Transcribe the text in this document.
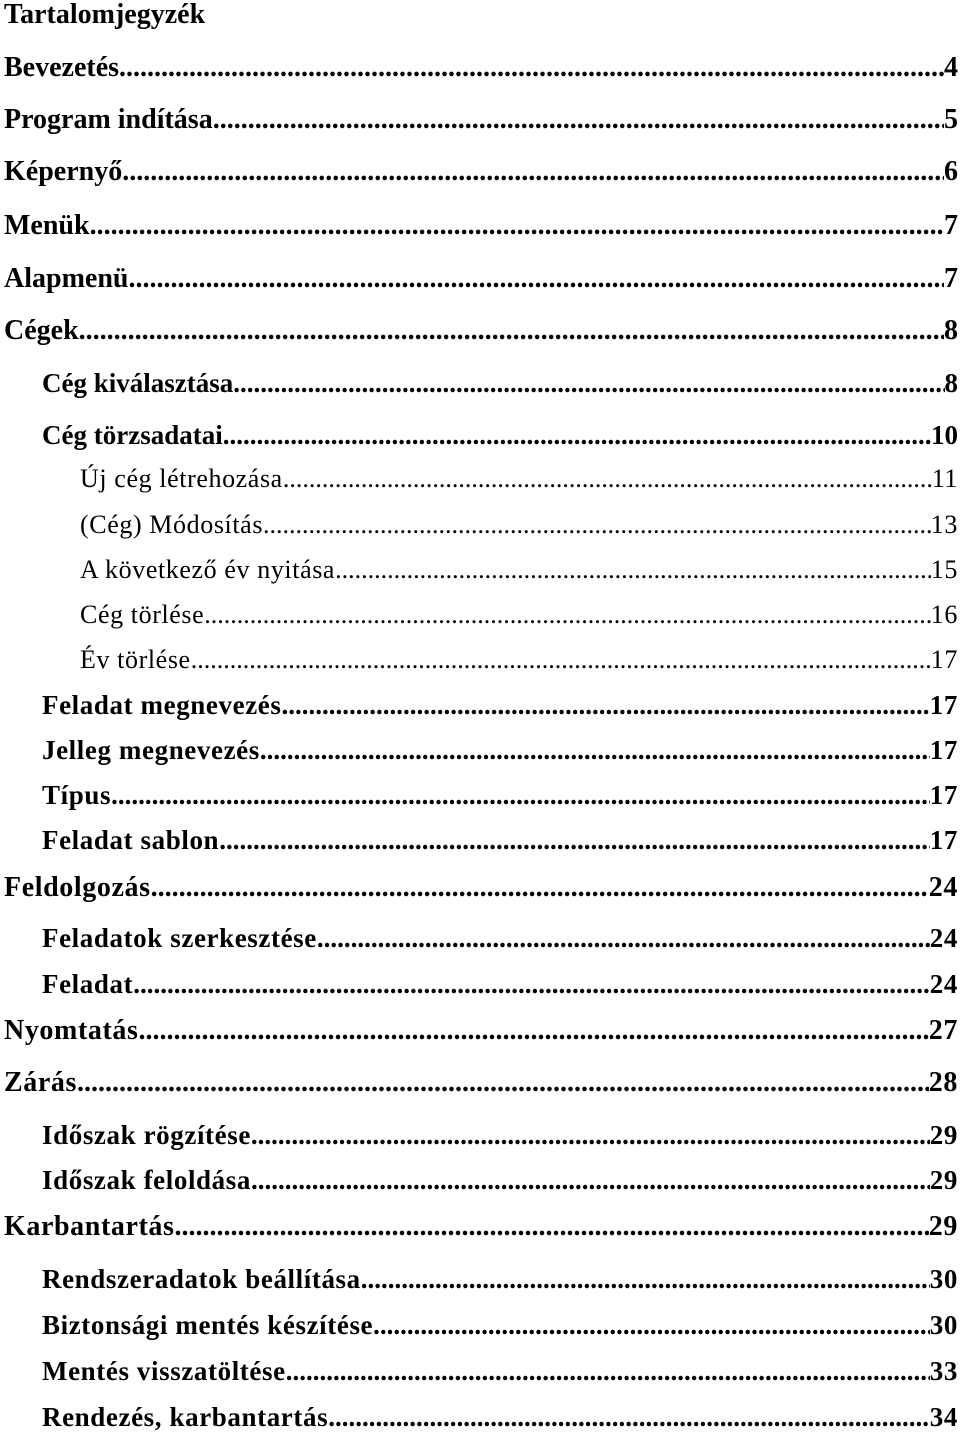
Tartalomjegyzék
Bevezetés .....	4
Program indítása .....	5
Képernyő .....	6
Menük .....	7
Alapmenü .....	7
Cégek .....	8
Cég kiválasztása .....	8
Cég törzsadatai .....	10
Új cég létrehozása .....	11
(Cég) Módosítás .....	13
A következő év nyitása .....	15
Cég törlése .....	16
Év törlése .....	17
Feladat megnevezés .....	17
Jelleg megnevezés .....	17
Típus .....	17
Feladat sablon .....	17
Feldolgozás .....	24
Feladatok szerkesztése .....	24
Feladat .....	24
Nyomtatás .....	27
Zárás .....	28
Időszak rögzítése .....	29
Időszak feloldása .....	29
Karbantartás .....	29
Rendszeradatok beállítása .....	30
Biztonsági mentés készítése .....	30
Mentés visszatöltése .....	33
Rendezés, karbantartás .....	34
